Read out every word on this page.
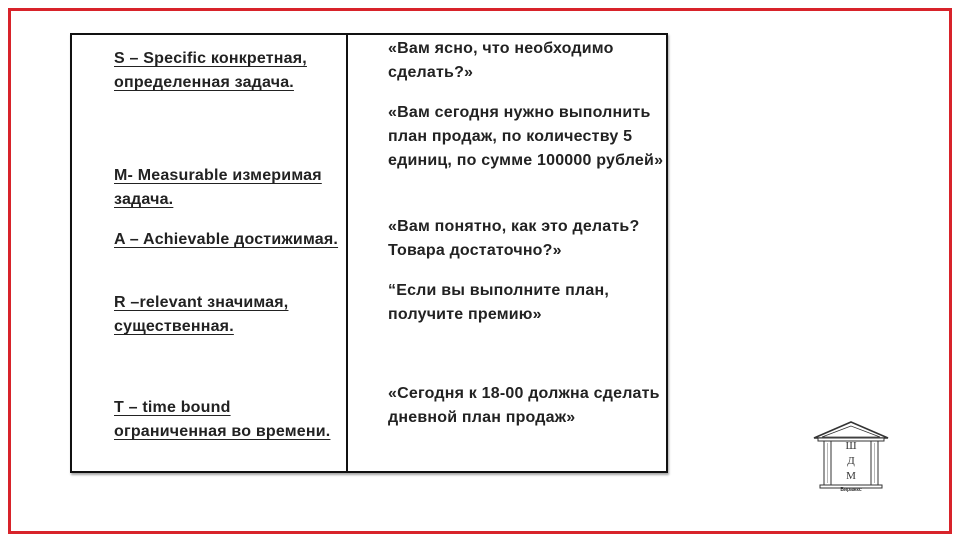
S – Specific конкретная, определенная задача.
M- Measurable измеримая задача.
A – Achievable достижимая.
R –relevant значимая, существенная.
T – time bound ограниченная во времени.
«Вам ясно, что необходимо сделать?»
«Вам сегодня нужно выполнить план продаж, по количеству 5 единиц, по сумме 100000 рублей»
«Вам понятно, как это делать? Товара достаточно?»
“Если вы выполните план, получите премию»
«Сегодня к 18-00 должна сделать дневной план продаж»
Ш
Д
М
Виражкс
